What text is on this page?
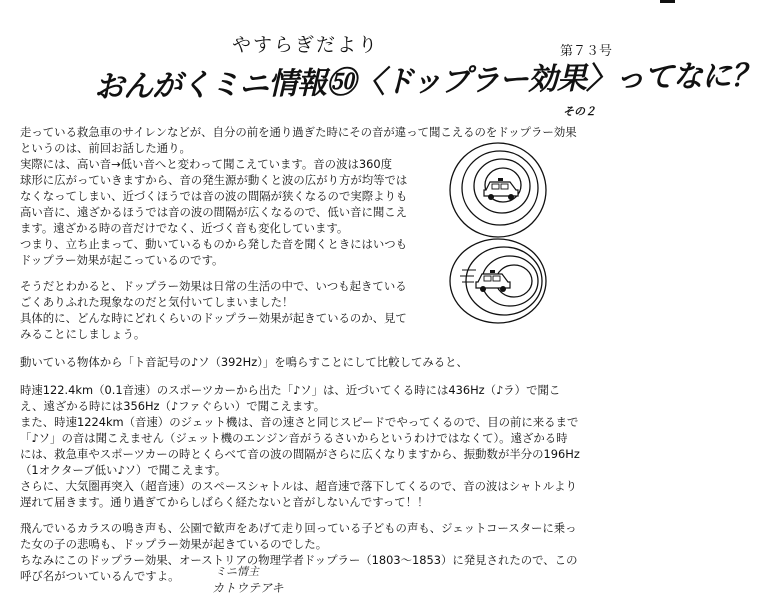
やすらぎだより	第７３号
おんがくミニ情報㊿〈ドップラー効果〉ってなに？
その２
走っている救急車のサイレンなどが、自分の前を通り過ぎた時にその音が違って聞こえるのをドップラー効果
というのは、前回お話した通り。
実際には、高い音→低い音へと変わって聞こえています。音の波は360度
球形に広がっていきますから、音の発生源が動くと波の広がり方が均等では
なくなってしまい、近づくほうでは音の波の間隔が狭くなるので実際よりも
高い音に、遠ざかるほうでは音の波の間隔が広くなるので、低い音に聞こえ
ます。遠ざかる時の音だけでなく、近づく音も変化しています。
つまり、立ち止まって、動いているものから発した音を聞くときにはいつも
ドップラー効果が起こっているのです。
そうだとわかると、ドップラー効果は日常の生活の中で、いつも起きている
ごくありふれた現象なのだと気付いてしまいました！
具体的に、どんな時にどれくらいのドップラー効果が起きているのか、見て
みることにしましょう。
動いている物体から「ト音記号の♪ソ（392Hz）」を鳴らすことにして比較してみると、
時速122.4km（0.1音速）のスポーツカーから出た「♪ソ」は、近づいてくる時には436Hz（♪ラ）で聞こ
え、遠ざかる時には356Hz（♪ファぐらい）で聞こえます。
また、時速1224km（音速）のジェット機は、音の速さと同じスピードでやってくるので、目の前に来るまで
「♪ソ」の音は聞こえません（ジェット機のエンジン音がうるさいからというわけではなくて）。遠ざかる時
には、救急車やスポーツカーの時とくらべて音の波の間隔がさらに広くなりますから、振動数が半分の196Hz
（1オクターブ低い♪ソ）で聞こえます。
さらに、大気圏再突入（超音速）のスペースシャトルは、超音速で落下してくるので、音の波はシャトルより
遅れて届きます。通り過ぎてからしばらく経たないと音がしないんですって！！
飛んでいるカラスの鳴き声も、公園で歓声をあげて走り回っている子どもの声も、ジェットコースターに乗っ
た女の子の悲鳴も、ドップラー効果が起きているのでした。
ちなみにこのドップラー効果、オーストリアの物理学者ドップラー（1803～1853）に発見されたので、この
呼び名がついているんですよ。	ミニ情主
カトウテアキ
